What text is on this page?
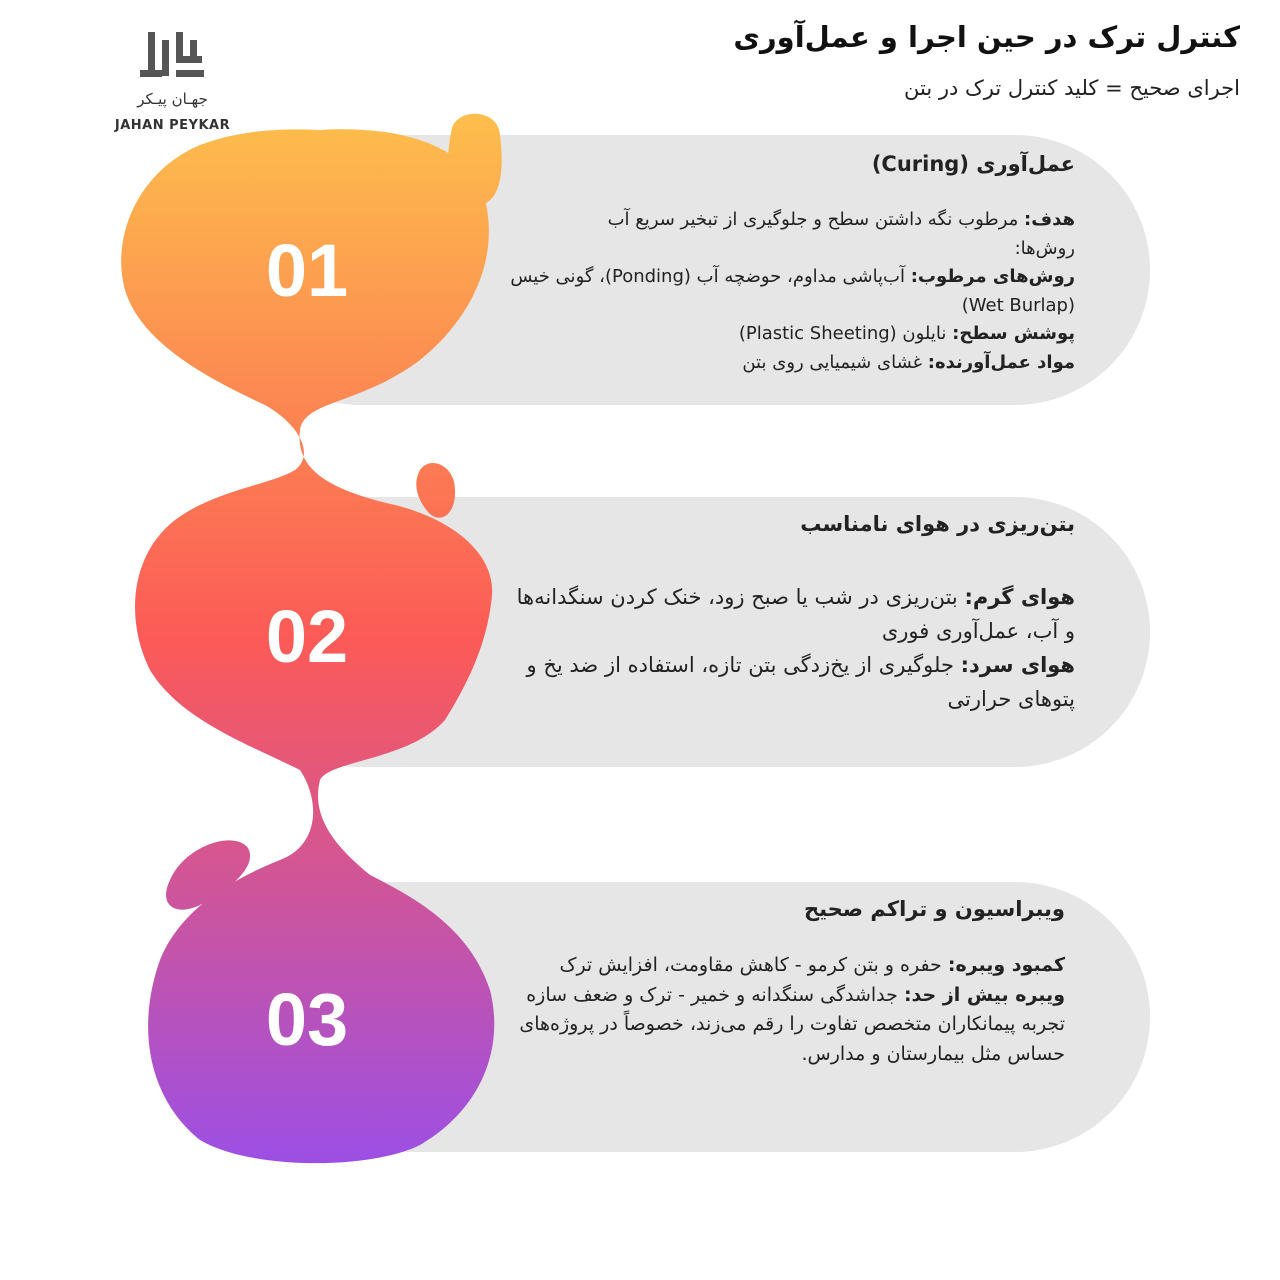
جهـان پیـکر
JAHAN PEYKAR
کنترل ترک در حین اجرا و عمل‌آوری

اجرای صحیح = کلید کنترل ترک در بتن

01
02
03

عمل‌آوری (Curing)

هدف: مرطوب نگه داشتن سطح و جلوگیری از تبخیر سریع آب

روش‌ها:

روش‌های مرطوب: آب‌پاشی مداوم، حوضچه آب (Ponding)، گونی خیس (Wet Burlap)

پوشش سطح: نایلون (Plastic Sheeting)

مواد عمل‌آورنده: غشای شیمیایی روی بتن

بتن‌ریزی در هوای نامناسب

هوای گرم: بتن‌ریزی در شب یا صبح زود، خنک کردن سنگدانه‌ها و آب، عمل‌آوری فوری

هوای سرد: جلوگیری از یخ‌زدگی بتن تازه، استفاده از ضد یخ و پتوهای حرارتی

ویبراسیون و تراکم صحیح

کمبود ویبره: حفره و بتن کرمو - کاهش مقاومت، افزایش ترک

ویبره بیش از حد: جداشدگی سنگدانه و خمیر - ترک و ضعف سازه

تجربه پیمانکاران متخصص تفاوت را رقم می‌زند، خصوصاً در پروژه‌های حساس مثل بیمارستان و مدارس.
